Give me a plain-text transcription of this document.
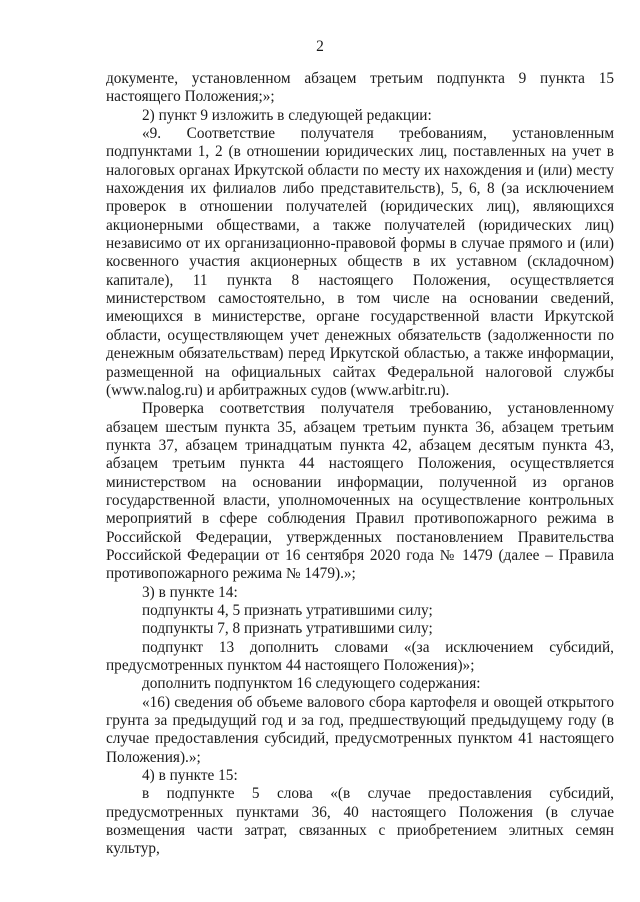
2

документе, установленном абзацем третьим подпункта 9 пункта 15 настоящего Положения;»;

2) пункт 9 изложить в следующей редакции:

«9. Соответствие получателя требованиям, установленным подпунктами 1, 2 (в отношении юридических лиц, поставленных на учет в налоговых органах Иркутской области по месту их нахождения и (или) месту нахождения их филиалов либо представительств), 5, 6, 8 (за исключением проверок в отношении получателей (юридических лиц), являющихся акционерными обществами, а также получателей (юридических лиц) независимо от их организационно-правовой формы в случае прямого и (или) косвенного участия акционерных обществ в их уставном (складочном) капитале), 11 пункта 8 настоящего Положения, осуществляется министерством самостоятельно, в том числе на основании сведений, имеющихся в министерстве, органе государственной власти Иркутской области, осуществляющем учет денежных обязательств (задолженности по денежным обязательствам) перед Иркутской областью, а также информации, размещенной на официальных сайтах Федеральной налоговой службы (www.nalog.ru) и арбитражных судов (www.arbitr.ru).

Проверка соответствия получателя требованию, установленному абзацем шестым пункта 35, абзацем третьим пункта 36, абзацем третьим пункта 37, абзацем тринадцатым пункта 42, абзацем десятым пункта 43, абзацем третьим пункта 44 настоящего Положения, осуществляется министерством на основании информации, полученной из органов государственной власти, уполномоченных на осуществление контрольных мероприятий в сфере соблюдения Правил противопожарного режима в Российской Федерации, утвержденных постановлением Правительства Российской Федерации от 16 сентября 2020 года № 1479 (далее – Правила противопожарного режима № 1479).»;

3) в пункте 14:

подпункты 4, 5 признать утратившими силу;

подпункты 7, 8 признать утратившими силу;

подпункт 13 дополнить словами «(за исключением субсидий, предусмотренных пунктом 44 настоящего Положения)»;

дополнить подпунктом 16 следующего содержания:

«16) сведения об объеме валового сбора картофеля и овощей открытого грунта за предыдущий год и за год, предшествующий предыдущему году (в случае предоставления субсидий, предусмотренных пунктом 41 настоящего Положения).»;

4) в пункте 15:

в подпункте 5 слова «(в случае предоставления субсидий, предусмотренных пунктами 36, 40 настоящего Положения (в случае возмещения части затрат, связанных с приобретением элитных семян культур,
